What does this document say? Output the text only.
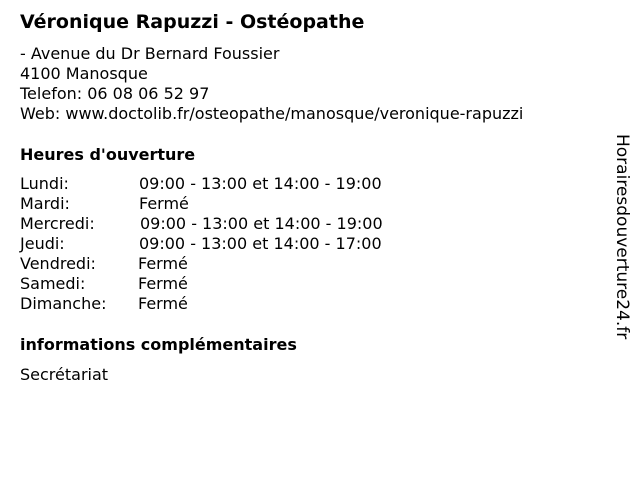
Véronique Rapuzzi - Ostéopathe
- Avenue du Dr Bernard Foussier
4100 Manosque
Telefon: 06 08 06 52 97
Web: www.doctolib.fr/osteopathe/manosque/veronique-rapuzzi
Heures d'ouverture
Lundi:	09:00 - 13:00 et 14:00 - 19:00
Mardi:	Fermé
Mercredi:	09:00 - 13:00 et 14:00 - 19:00
Jeudi:	09:00 - 13:00 et 14:00 - 17:00
Vendredi:	Fermé
Samedi:	Fermé
Dimanche: Fermé
informations complémentaires
Secrétariat
Horairesdouverture24.fr
